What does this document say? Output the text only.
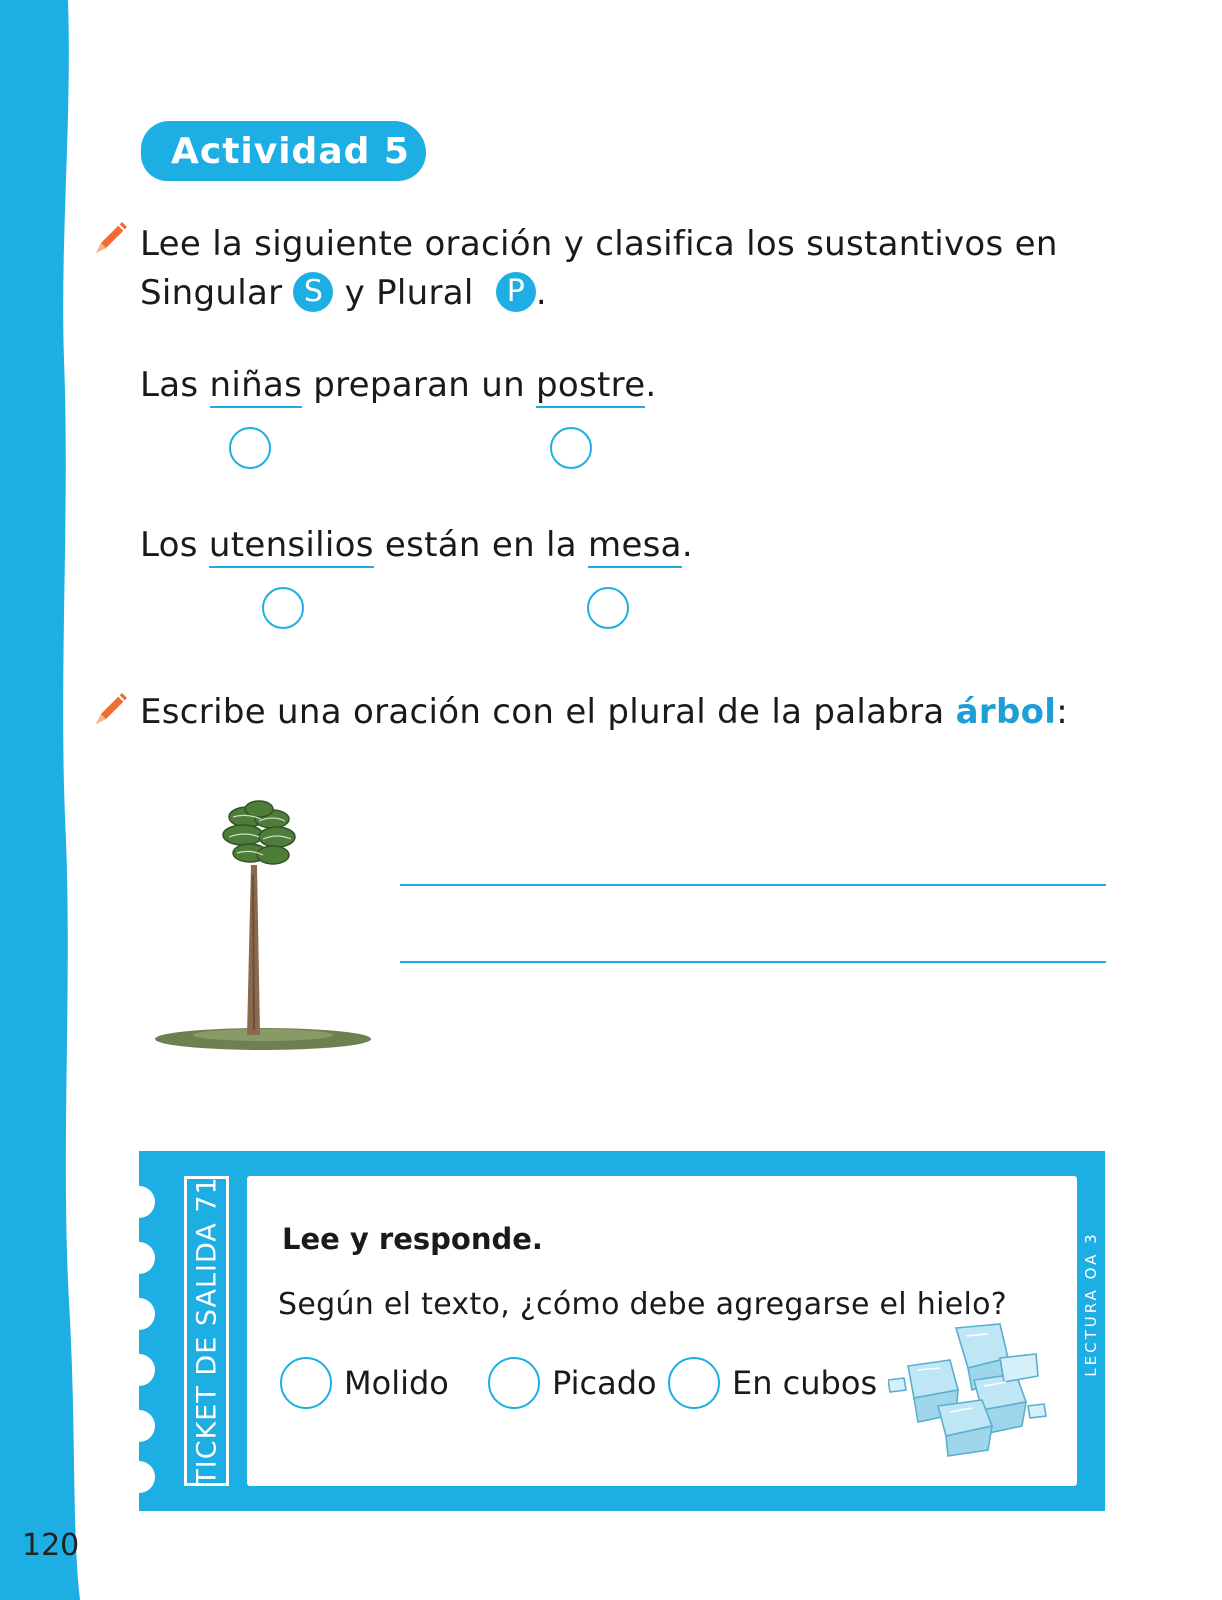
120
Actividad 5
Lee la siguiente oración y clasifica los sustantivos en
Singular S y Plural P .
Las niñas preparan un postre.
Los utensilios están en la mesa.
Escribe una oración con el plural de la palabra árbol:
TICKET DE SALIDA 71	LECTURA OA 3
Lee y responde.
Según el texto, ¿cómo debe agregarse el hielo?
Molido	Picado En cubos
